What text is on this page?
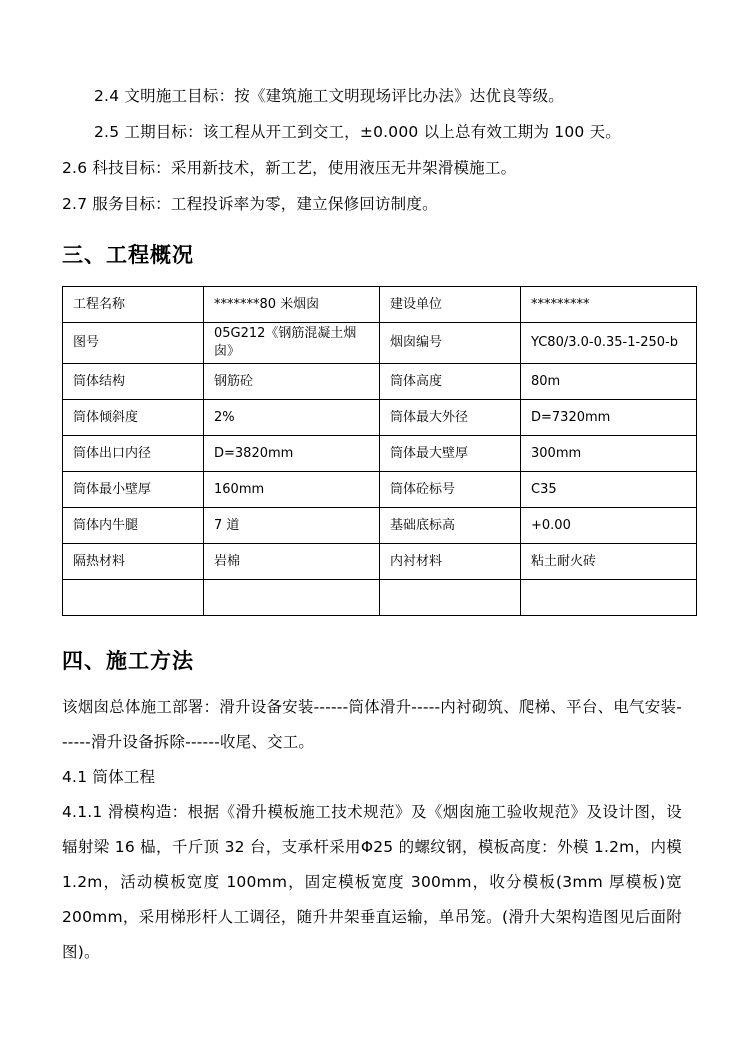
2.4 文明施工目标：按《建筑施工文明现场评比办法》达优良等级。

2.5 工期目标：该工程从开工到交工，±0.000 以上总有效工期为 100 天。

2.6 科技目标：采用新技术，新工艺，使用液压无井架滑模施工。

2.7 服务目标：工程投诉率为零，建立保修回访制度。

三、工程概况
工程名称	*******80 米烟囱	建设单位	*********
图号	05G212《钢筋混凝土烟囱》	烟囱编号	YC80/3.0-0.35-1-250-b
筒体结构	钢筋砼	筒体高度	80m
筒体倾斜度	2%	筒体最大外径	D=7320mm
筒体出口内径	D=3820mm	筒体最大壁厚	300mm
筒体最小壁厚	160mm	筒体砼标号	C35
筒体内牛腿	7 道	基础底标高	+0.00
隔热材料	岩棉	内衬材料	粘土耐火砖

四、施工方法

该烟囱总体施工部署：滑升设备安装------筒体滑升-----内衬砌筑、爬梯、平台、电气安装------滑升设备拆除------收尾、交工。

4.1 筒体工程

4.1.1 滑模构造：根据《滑升模板施工技术规范》及《烟囱施工验收规范》及设计图，设辐射梁 16 榀，千斤顶 32 台，支承杆采用Φ25 的螺纹钢，模板高度：外模 1.2m，内模 1.2m，活动模板宽度 100mm，固定模板宽度 300mm，收分模板(3mm 厚模板)宽 200mm，采用梯形杆人工调径，随升井架垂直运输，单吊笼。(滑升大架构造图见后面附图)。
